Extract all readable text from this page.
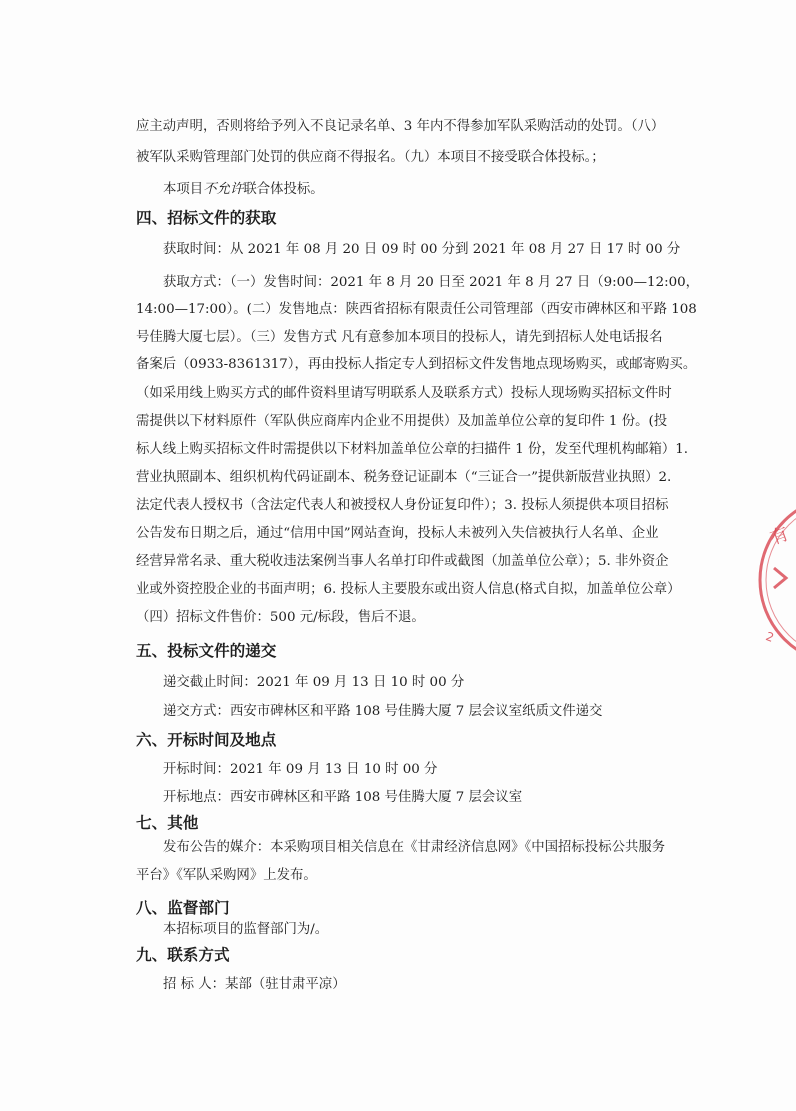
应主动声明，否则将给予列入不良记录名单、3 年内不得参加军队采购活动的处罚。（八）
被军队采购管理部门处罚的供应商不得报名。（九）本项目不接受联合体投标。；
本项目不允许联合体投标。
四、招标文件的获取
获取时间：从 2021 年 08 月 20 日 09 时 00 分到 2021 年 08 月 27 日 17 时 00 分
获取方式：（一）发售时间：2021 年 8 月 20 日至 2021 年 8 月 27 日（9:00—12:00，
14:00—17:00）。(二）发售地点：陕西省招标有限责任公司管理部（西安市碑林区和平路 108
号佳腾大厦七层）。（三）发售方式 凡有意参加本项目的投标人，请先到招标人处电话报名
备案后（0933-8361317），再由投标人指定专人到招标文件发售地点现场购买，或邮寄购买。
（如采用线上购买方式的邮件资料里请写明联系人及联系方式）投标人现场购买招标文件时
需提供以下材料原件（军队供应商库内企业不用提供）及加盖单位公章的复印件 1 份。(投
标人线上购买招标文件时需提供以下材料加盖单位公章的扫描件 1 份，发至代理机构邮箱）1.
营业执照副本、组织机构代码证副本、税务登记证副本（“三证合一”提供新版营业执照）2.
法定代表人授权书（含法定代表人和被授权人身份证复印件）；3. 投标人须提供本项目招标
公告发布日期之后，通过“信用中国”网站查询，投标人未被列入失信被执行人名单、企业
经营异常名录、重大税收违法案例当事人名单打印件或截图（加盖单位公章）；5. 非外资企
业或外资控股企业的书面声明；6. 投标人主要股东或出资人信息(格式自拟，加盖单位公章）
（四）招标文件售价：500 元/标段，售后不退。
五、投标文件的递交
递交截止时间：2021 年 09 月 13 日 10 时 00 分
递交方式：西安市碑林区和平路 108 号佳腾大厦 7 层会议室纸质文件递交
六、开标时间及地点
开标时间：2021 年 09 月 13 日 10 时 00 分
开标地点：西安市碑林区和平路 108 号佳腾大厦 7 层会议室
七、其他
发布公告的媒介：本采购项目相关信息在《甘肃经济信息网》《中国招标投标公共服务
平台》《军队采购网》上发布。
八、监督部门
本招标项目的监督部门为/。
九、联系方式
招 标 人：某部（驻甘肃平凉）
有
2
